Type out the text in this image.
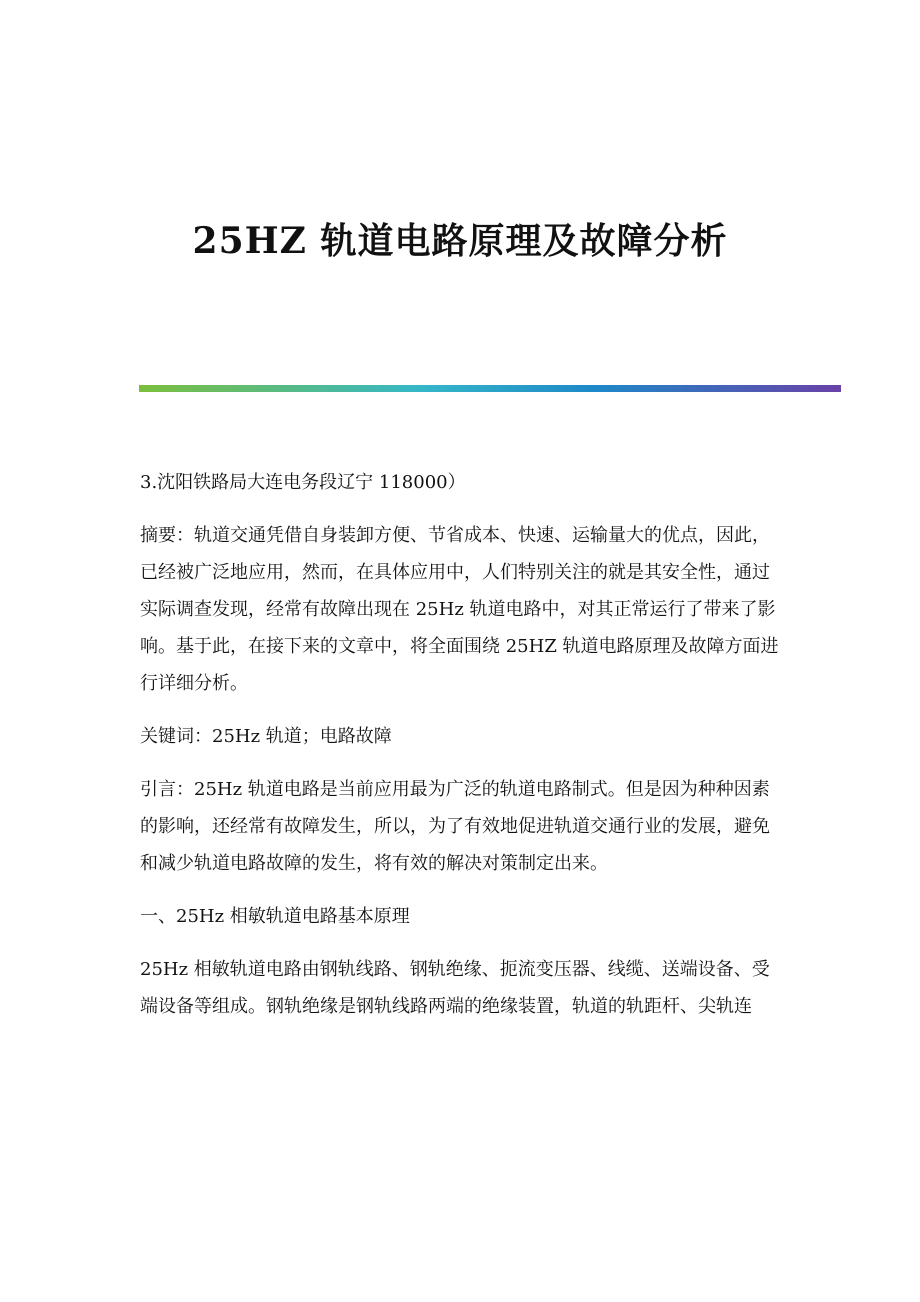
25HZ 轨道电路原理及故障分析

3.沈阳铁路局大连电务段辽宁 118000）

摘要：轨道交通凭借自身装卸方便、节省成本、快速、运输量大的优点，因此，已经被广泛地应用，然而，在具体应用中，人们特别关注的就是其安全性，通过实际调查发现，经常有故障出现在 25Hz 轨道电路中，对其正常运行了带来了影响。基于此，在接下来的文章中，将全面围绕 25HZ 轨道电路原理及故障方面进行详细分析。

关键词：25Hz 轨道；电路故障

引言：25Hz 轨道电路是当前应用最为广泛的轨道电路制式。但是因为种种因素的影响，还经常有故障发生，所以，为了有效地促进轨道交通行业的发展，避免和减少轨道电路故障的发生，将有效的解决对策制定出来。

一、25Hz 相敏轨道电路基本原理

25Hz 相敏轨道电路由钢轨线路、钢轨绝缘、扼流变压器、线缆、送端设备、受端设备等组成。钢轨绝缘是钢轨线路两端的绝缘装置，轨道的轨距杆、尖轨连
